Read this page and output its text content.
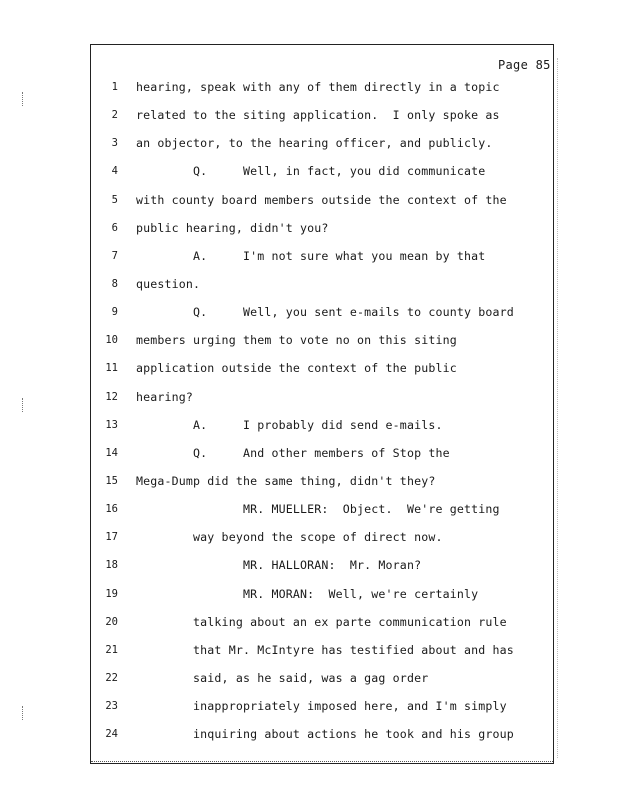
Page 85
1
2
3
4
5
6
7
8
9
10
11
12
13
14
15
16
17
18
19
20
21
22
23
24
hearing, speak with any of them directly in a topic
related to the siting application.  I only spoke as
an objector, to the hearing officer, and publicly.
Q.     Well, in fact, you did communicate
with county board members outside the context of the
public hearing, didn't you?
A.     I'm not sure what you mean by that
question.
Q.     Well, you sent e-mails to county board
members urging them to vote no on this siting
application outside the context of the public
hearing?
A.     I probably did send e-mails.
Q.     And other members of Stop the
Mega-Dump did the same thing, didn't they?
MR. MUELLER:  Object.  We're getting
way beyond the scope of direct now.
MR. HALLORAN:  Mr. Moran?
MR. MORAN:  Well, we're certainly
talking about an ex parte communication rule
that Mr. McIntyre has testified about and has
said, as he said, was a gag order
inappropriately imposed here, and I'm simply
inquiring about actions he took and his group
